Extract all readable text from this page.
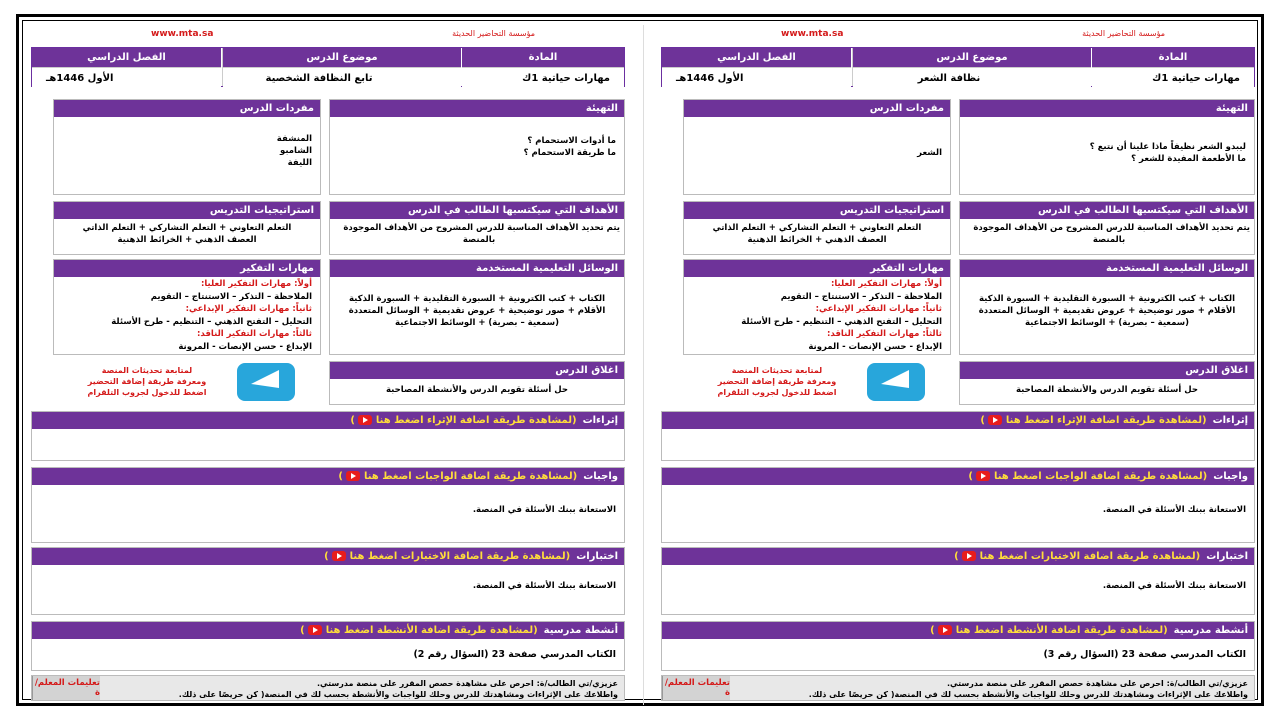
www.mta.sa	مؤسسة التحاضير الحديثة
المادة
مهارات حياتية 1ك
موضوع الدرس
نظافة الشعر
الفصل الدراسي
الأول 1446هـ
التهيئة
ليبدو الشعر نظيفاً ماذا علينا أن نتبع ؟
ما الأطعمة المفيدة للشعر ؟
مفردات الدرس
الشعر
الأهداف التي سيكتسبها الطالب في الدرس
يتم تحديد الأهداف المناسبة للدرس المشروح من الأهداف الموجودة
بالمنصة
استراتيجيات التدريس
التعلم التعاوني + التعلم التشاركي + التعلم الذاتي
العصف الذهني + الخرائط الذهنية
الوسائل التعليمية المستخدمة
الكتاب + كتب الكترونية + السبورة التقليدية + السبورة الذكية
الأقلام + صور توضيحية + عروض تقديمية + الوسائل المتعددة
(سمعية – بصرية) + الوسائط الاجتماعية
مهارات التفكير
أولاً: مهارات التفكير العليا:
الملاحظة – التذكر – الاستنتاج – التقويم
ثانياً: مهارات التفكير الإبداعي:
التحليل – التفتح الذهني – التنظيم - طرح الأسئلة
ثالثاً: مهارات التفكير الناقد:
الإبداع - حسن الإنصات - المرونة
اغلاق الدرس
حل أسئلة تقويم الدرس والأنشطة المصاحبة
لمتابعة تحديثات المنصة
ومعرفة طريقة إضافة التحضير
اضغط للدخول لجروب التلقرام
إثراءات
(لمشاهدة طريقة اضافة الإثراء اضغط هنا  )
واجبات
(لمشاهدة طريقة اضافة الواجبات اضغط هنا  )
الاستعانة ببنك الأسئلة في المنصة.
اختبارات
(لمشاهدة طريقة اضافة الاختبارات اضغط هنا  )
الاستعانة ببنك الأسئلة في المنصة.
أنشطة مدرسية
(لمشاهدة طريقة اضافة الأنشطة اضغط هنا  )
الكتاب المدرسي صفحة 23 (السؤال رقم 3)
عزيزي/تي الطالب/ة: احرص على مشاهدة حصص المقرر على منصة مدرستي.
واطلاعك على الإثراءات ومشاهدتك للدرس وحلك للواجبات والأنشطة بحسب لك في المنصة( كن حريصًا على ذلك.
تعليمات المعلم/ة
www.mta.sa	مؤسسة التحاضير الحديثة
المادة
مهارات حياتية 1ك
موضوع الدرس
تابع النظافة الشخصية
الفصل الدراسي
الأول 1446هـ
التهيئة
ما أدوات الاستحمام ؟
ما طريقة الاستحمام ؟
مفردات الدرس
المنشفة
الشامبو
الليفة
الأهداف التي سيكتسبها الطالب في الدرس
يتم تحديد الأهداف المناسبة للدرس المشروح من الأهداف الموجودة
بالمنصة
استراتيجيات التدريس
التعلم التعاوني + التعلم التشاركي + التعلم الذاتي
العصف الذهني + الخرائط الذهنية
الوسائل التعليمية المستخدمة
الكتاب + كتب الكترونية + السبورة التقليدية + السبورة الذكية
الأقلام + صور توضيحية + عروض تقديمية + الوسائل المتعددة
(سمعية – بصرية) + الوسائط الاجتماعية
مهارات التفكير
أولاً: مهارات التفكير العليا:
الملاحظة – التذكر – الاستنتاج – التقويم
ثانياً: مهارات التفكير الإبداعي:
التحليل – التفتح الذهني – التنظيم - طرح الأسئلة
ثالثاً: مهارات التفكير الناقد:
الإبداع - حسن الإنصات - المرونة
اغلاق الدرس
حل أسئلة تقويم الدرس والأنشطة المصاحبة
لمتابعة تحديثات المنصة
ومعرفة طريقة إضافة التحضير
اضغط للدخول لجروب التلقرام
إثراءات
(لمشاهدة طريقة اضافة الإثراء اضغط هنا  )
واجبات
(لمشاهدة طريقة اضافة الواجبات اضغط هنا  )
الاستعانة ببنك الأسئلة في المنصة.
اختبارات
(لمشاهدة طريقة اضافة الاختبارات اضغط هنا  )
الاستعانة ببنك الأسئلة في المنصة.
أنشطة مدرسية
(لمشاهدة طريقة اضافة الأنشطة اضغط هنا  )
الكتاب المدرسي صفحة 23 (السؤال رقم 2)
عزيزي/تي الطالب/ة: احرص على مشاهدة حصص المقرر على منصة مدرستي.
واطلاعك على الإثراءات ومشاهدتك للدرس وحلك للواجبات والأنشطة بحسب لك في المنصة( كن حريصًا على ذلك.
تعليمات المعلم/ة
